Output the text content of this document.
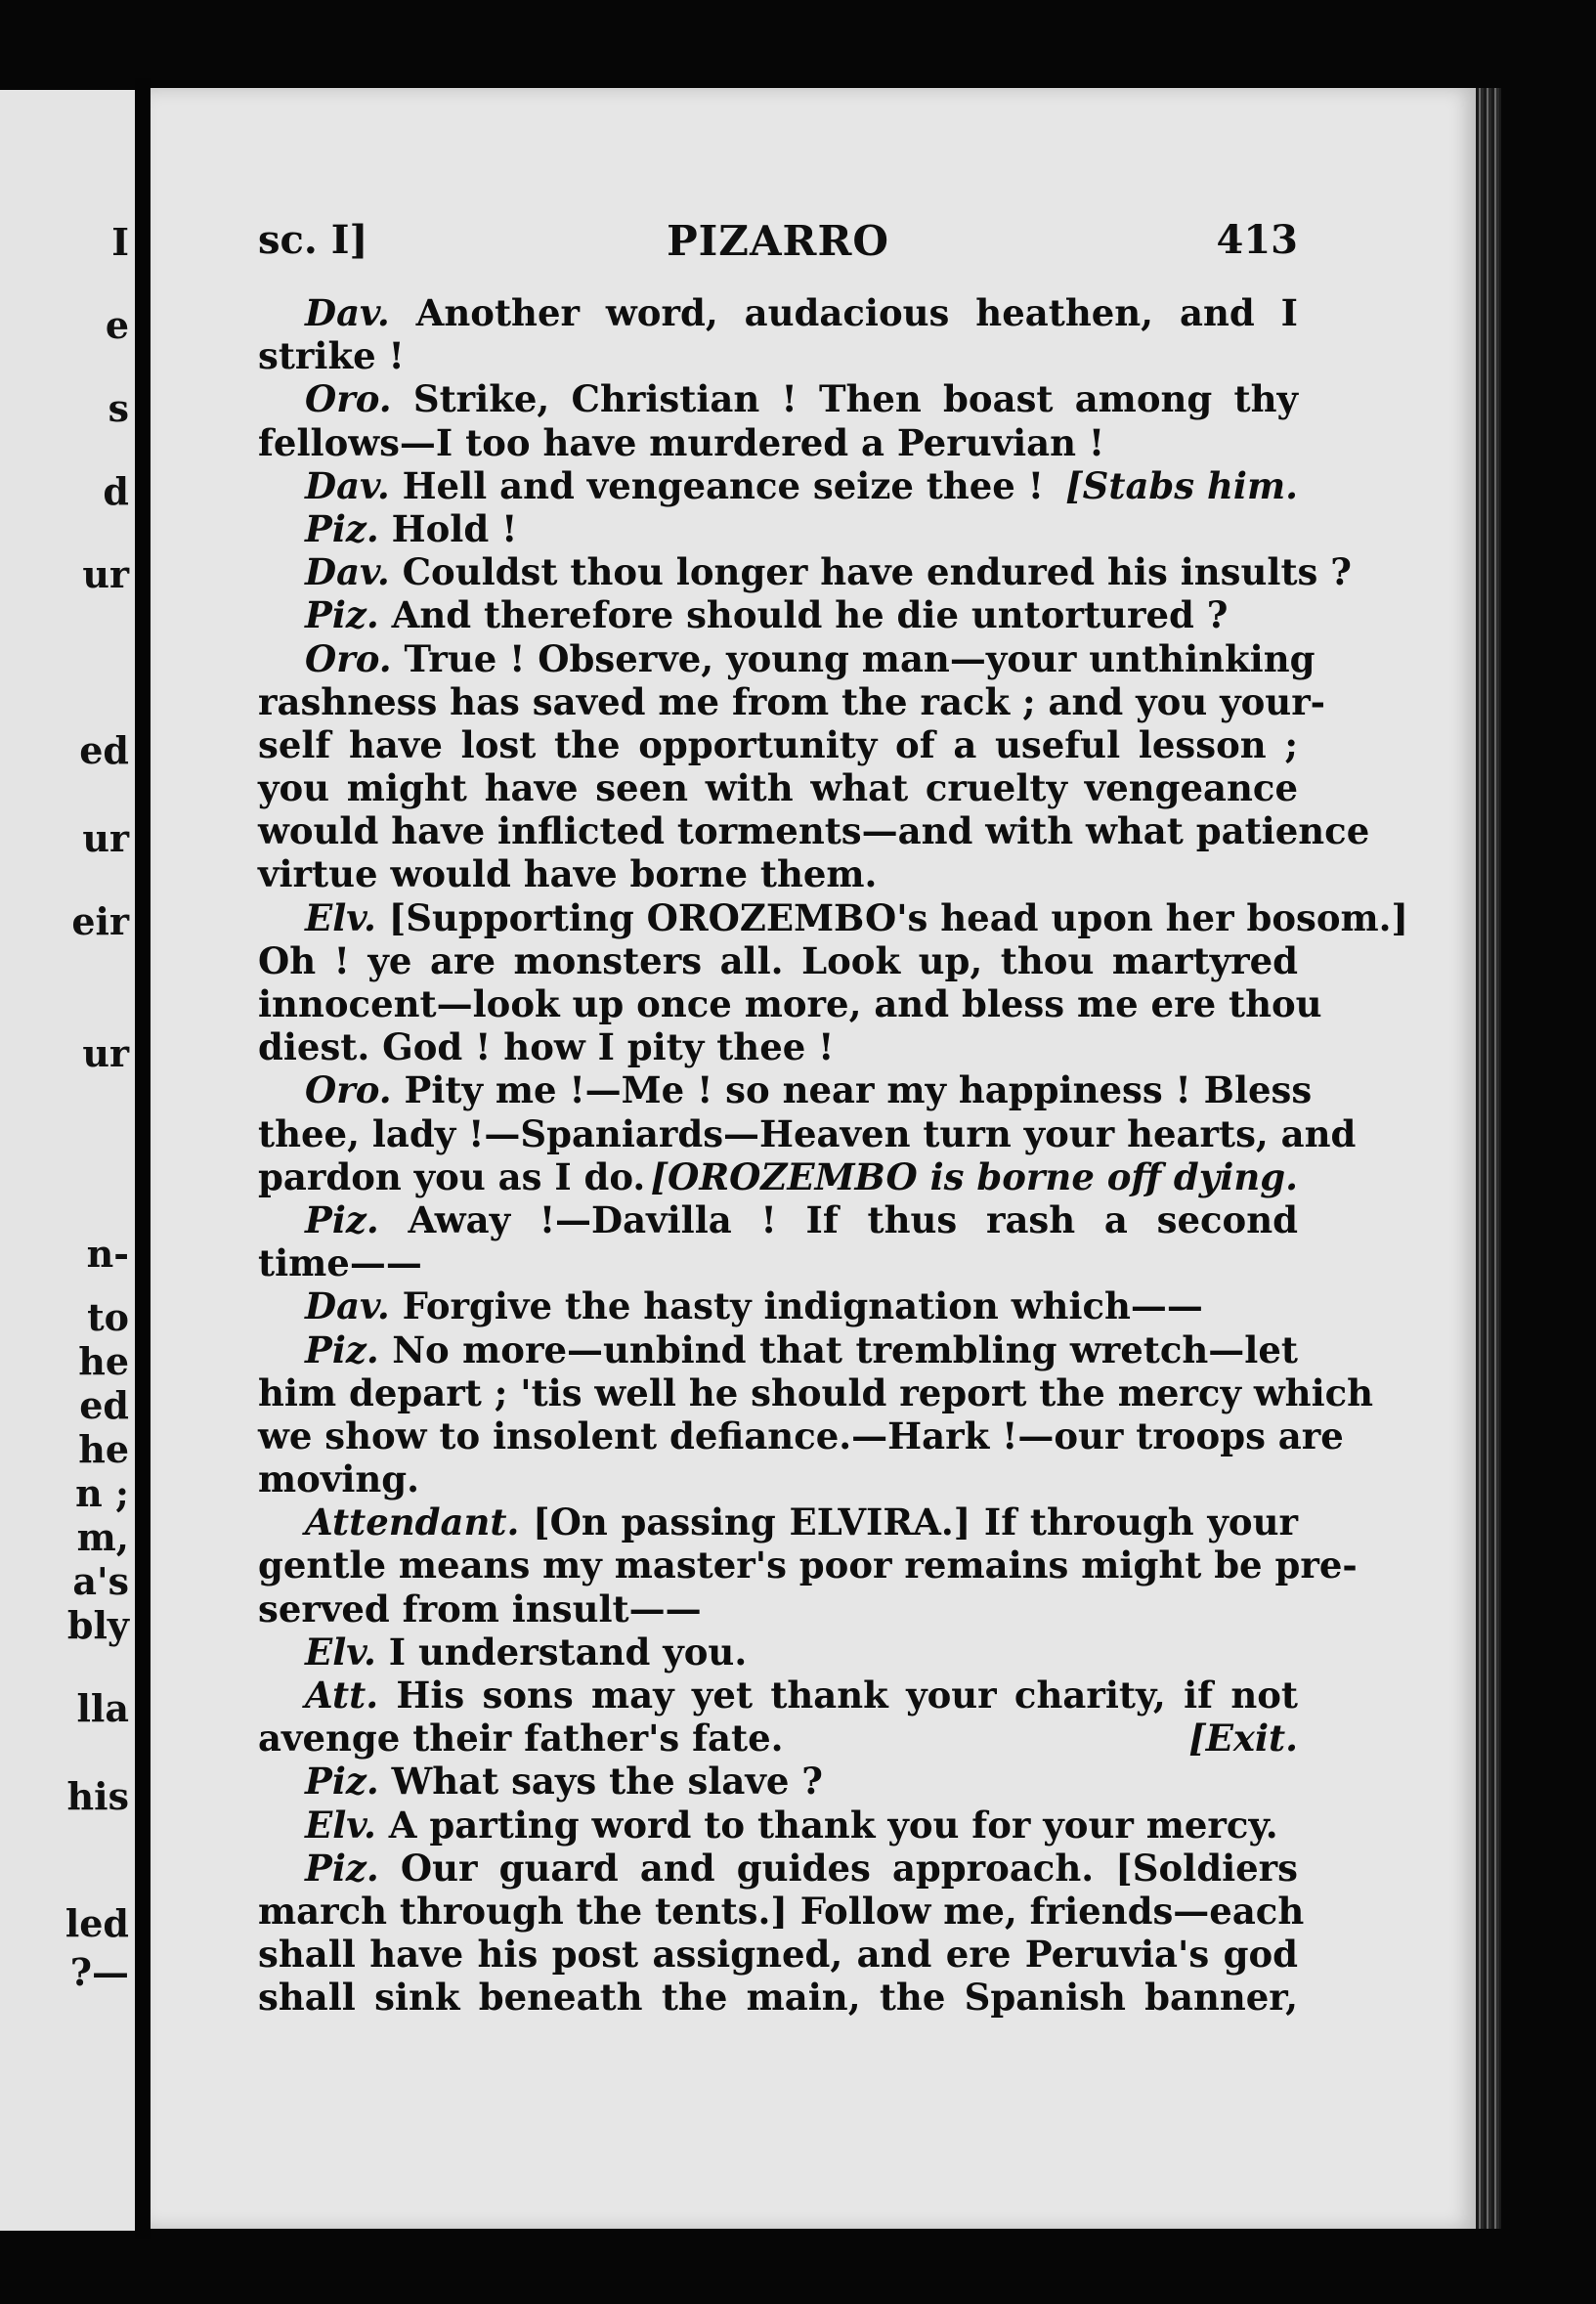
I
e
s
d
ur
ed
ur
eir
ur
n-
to
he
ed
he
n ;
m,
a's
bly
lla
his
led
?—
sc. I]	PIZARRO	413
Dav. Another word, audacious heathen, and I
strike !
Oro. Strike, Christian ! Then boast among thy
fellows—I too have murdered a Peruvian !
Dav. Hell and vengeance seize thee ! [Stabs him.
Piz. Hold !
Dav. Couldst thou longer have endured his insults ?
Piz. And therefore should he die untortured ?
Oro. True ! Observe, young man—your unthinking
rashness has saved me from the rack ; and you your-
self have lost the opportunity of a useful lesson ;
you might have seen with what cruelty vengeance
would have inflicted torments—and with what patience
virtue would have borne them.
Elv. [Supporting OROZEMBO's head upon her bosom.]
Oh ! ye are monsters all. Look up, thou martyred
innocent—look up once more, and bless me ere thou
diest. God ! how I pity thee !
Oro. Pity me !—Me ! so near my happiness ! Bless
thee, lady !—Spaniards—Heaven turn your hearts, and
pardon you as I do. [OROZEMBO is borne off dying.
Piz. Away !—Davilla ! If thus rash a second
time——
Dav. Forgive the hasty indignation which——
Piz. No more—unbind that trembling wretch—let
him depart ; 'tis well he should report the mercy which
we show to insolent defiance.—Hark !—our troops are
moving.
Attendant. [On passing ELVIRA.] If through your
gentle means my master's poor remains might be pre-
served from insult——
Elv. I understand you.
Att. His sons may yet thank your charity, if not
avenge their father's fate.	[Exit.
Piz. What says the slave ?
Elv. A parting word to thank you for your mercy.
Piz. Our guard and guides approach. [Soldiers
march through the tents.] Follow me, friends—each
shall have his post assigned, and ere Peruvia's god
shall sink beneath the main, the Spanish banner,
